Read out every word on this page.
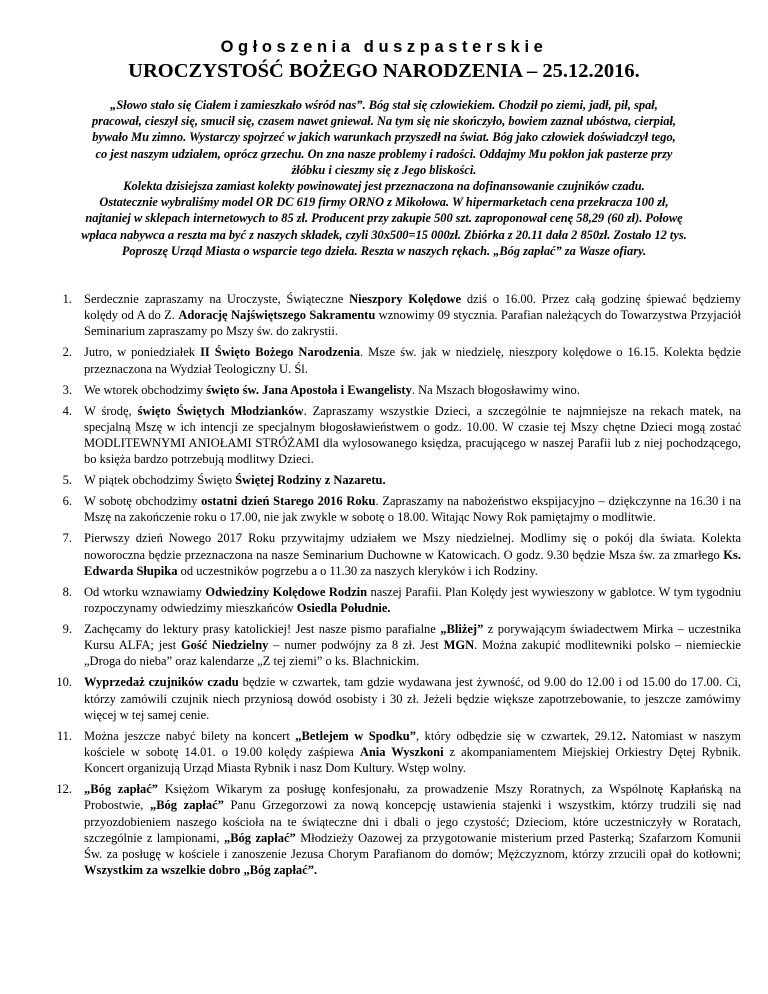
Ogłoszenia duszpasterskie
UROCZYSTOŚĆ BOŻEGO NARODZENIA – 25.12.2016.
„Słowo stało się Ciałem i zamieszkało wśród nas”. Bóg stał się człowiekiem. Chodził po ziemi, jadł, pił, spał,
pracował, cieszył się, smucił się, czasem nawet gniewał. Na tym się nie skończyło, bowiem zaznał ubóstwa, cierpiał,
bywało Mu zimno. Wystarczy spojrzeć w jakich warunkach przyszedł na świat. Bóg jako człowiek doświadczył tego,
co jest naszym udziałem, oprócz grzechu. On zna nasze problemy i radości. Oddajmy Mu pokłon jak pasterze przy
żłóbku i cieszmy się z Jego bliskości.
Kolekta dzisiejsza zamiast kolekty powinowatej jest przeznaczona na dofinansowanie czujników czadu.
Ostatecznie wybraliśmy model OR DC 619 firmy ORNO z Mikołowa. W hipermarketach cena przekracza 100 zł,
najtaniej w sklepach internetowych to 85 zł. Producent przy zakupie 500 szt. zaproponował cenę 58,29 (60 zł). Połowę
wpłaca nabywca a reszta ma być z naszych składek, czyli 30x500=15 000zł. Zbiórka z 20.11 dała 2 850zł. Zostało 12 tys.
Poproszę Urząd Miasta o wsparcie tego dzieła. Reszta w naszych rękach. „Bóg zapłać” za Wasze ofiary.
1. Serdecznie zapraszamy na Uroczyste, Świąteczne Nieszpory Kolędowe dziś o 16.00. Przez całą godzinę śpiewać będziemy kolędy od A do Z. Adorację Najświętszego Sakramentu wznowimy 09 stycznia. Parafian należących do Towarzystwa Przyjaciół Seminarium zapraszamy po Mszy św. do zakrystii.
2. Jutro, w poniedziałek II Święto Bożego Narodzenia. Msze św. jak w niedzielę, nieszpory kolędowe o 16.15. Kolekta będzie przeznaczona na Wydział Teologiczny U. Śl.
3. We wtorek obchodzimy święto św. Jana Apostoła i Ewangelisty. Na Mszach błogosławimy wino.
4. W środę, święto Świętych Młodzianków. Zapraszamy wszystkie Dzieci, a szczególnie te najmniejsze na rekach matek, na specjalną Mszę w ich intencji ze specjalnym błogosławieństwem o godz. 10.00. W czasie tej Mszy chętne Dzieci mogą zostać MODLITEWNYMI ANIOŁAMI STRÓŻAMI dla wylosowanego księdza, pracującego w naszej Parafii lub z niej pochodzącego, bo księża bardzo potrzebują modlitwy Dzieci.
5. W piątek obchodzimy Święto Świętej Rodziny z Nazaretu.
6. W sobotę obchodzimy ostatni dzień Starego 2016 Roku. Zapraszamy na nabożeństwo ekspijacyjno – dziękczynne na 16.30 i na Mszę na zakończenie roku o 17.00, nie jak zwykle w sobotę o 18.00. Witając Nowy Rok pamiętajmy o modlitwie.
7. Pierwszy dzień Nowego 2017 Roku przywitajmy udziałem we Mszy niedzielnej. Modlimy się o pokój dla świata. Kolekta noworoczna będzie przeznaczona na nasze Seminarium Duchowne w Katowicach. O godz. 9.30 będzie Msza św. za zmarłego Ks. Edwarda Słupika od uczestników pogrzebu a o 11.30 za naszych kleryków i ich Rodziny.
8. Od wtorku wznawiamy Odwiedziny Kolędowe Rodzin naszej Parafii. Plan Kolędy jest wywieszony w gablotce. W tym tygodniu rozpoczynamy odwiedzimy mieszkańców Osiedla Południe.
9. Zachęcamy do lektury prasy katolickiej! Jest nasze pismo parafialne „Bliżej” z porywającym świadectwem Mirka – uczestnika Kursu ALFA; jest Gość Niedzielny – numer podwójny za 8 zł. Jest MGN. Można zakupić modlitewniki polsko – niemieckie „Droga do nieba” oraz kalendarze „Z tej ziemi” o ks. Blachnickim.
10. Wyprzedaż czujników czadu będzie w czwartek, tam gdzie wydawana jest żywność, od 9.00 do 12.00 i od 15.00 do 17.00. Ci, którzy zamówili czujnik niech przyniosą dowód osobisty i 30 zł. Jeżeli będzie większe zapotrzebowanie, to jeszcze zamówimy więcej w tej samej cenie.
11. Można jeszcze nabyć bilety na koncert „Betlejem w Spodku”, który odbędzie się w czwartek, 29.12. Natomiast w naszym kościele w sobotę 14.01. o 19.00 kolędy zaśpiewa Ania Wyszkoni z akompaniamentem Miejskiej Orkiestry Dętej Rybnik. Koncert organizują Urząd Miasta Rybnik i nasz Dom Kultury. Wstęp wolny.
12. „Bóg zapłać” Księżom Wikarym za posługę konfesjonału, za prowadzenie Mszy Roratnych, za Wspólnotę Kapłańską na Probostwie, „Bóg zapłać” Panu Grzegorzowi za nową koncepcję ustawienia stajenki i wszystkim, którzy trudzili się nad przyozdobieniem naszego kościoła na te świąteczne dni i dbali o jego czystość; Dzieciom, które uczestniczyły w Roratach, szczególnie z lampionami, „Bóg zapłać” Młodzieży Oazowej za przygotowanie misterium przed Pasterką; Szafarzom Komunii Św. za posługę w kościele i zanoszenie Jezusa Chorym Parafianom do domów; Mężczyznom, którzy zrzucili opał do kotłowni; Wszystkim za wszelkie dobro „Bóg zapłać”.
